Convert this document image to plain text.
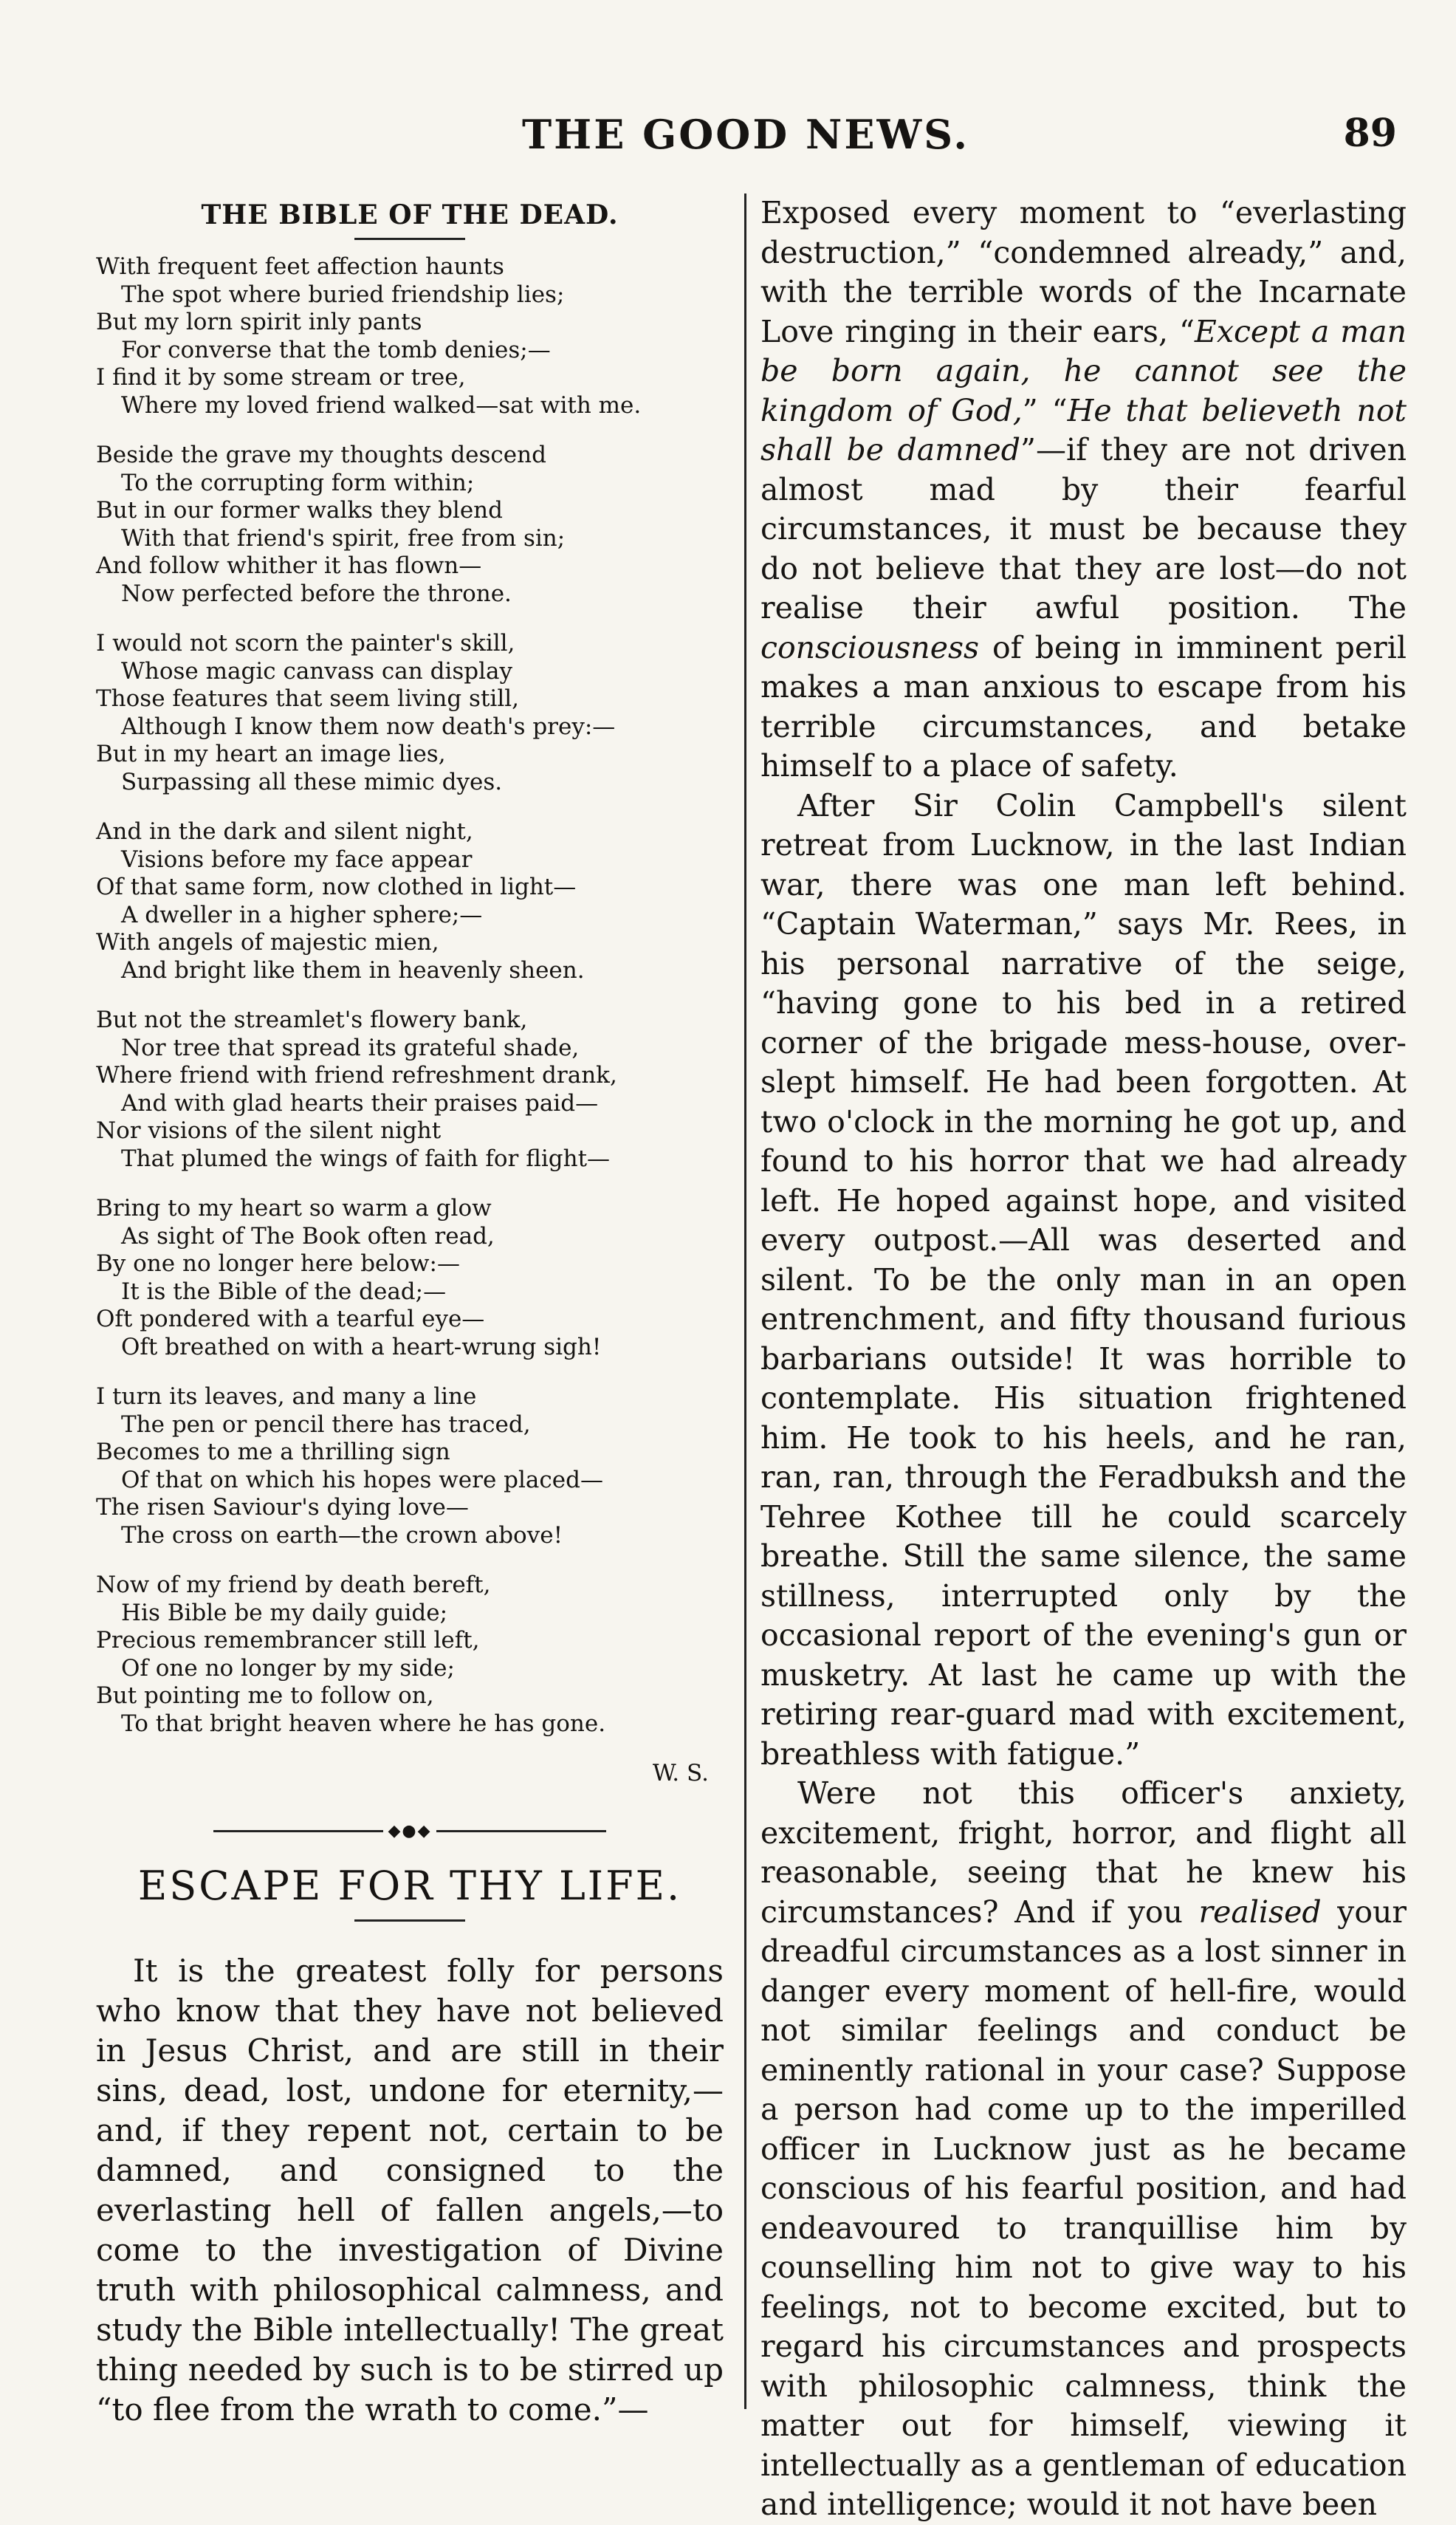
THE GOOD NEWS.	89
THE BIBLE OF THE DEAD.
With frequent feet affection haunts
The spot where buried friendship lies;
But my lorn spirit inly pants
For converse that the tomb denies;—
I find it by some stream or tree,
Where my loved friend walked—sat with me.
Beside the grave my thoughts descend
To the corrupting form within;
But in our former walks they blend
With that friend's spirit, free from sin;
And follow whither it has flown—
Now perfected before the throne.
I would not scorn the painter's skill,
Whose magic canvass can display
Those features that seem living still,
Although I know them now death's prey:—
But in my heart an image lies,
Surpassing all these mimic dyes.
And in the dark and silent night,
Visions before my face appear
Of that same form, now clothed in light—
A dweller in a higher sphere;—
With angels of majestic mien,
And bright like them in heavenly sheen.
But not the streamlet's flowery bank,
Nor tree that spread its grateful shade,
Where friend with friend refreshment drank,
And with glad hearts their praises paid—
Nor visions of the silent night
That plumed the wings of faith for flight—
Bring to my heart so warm a glow
As sight of The Book often read,
By one no longer here below:—
It is the Bible of the dead;—
Oft pondered with a tearful eye—
Oft breathed on with a heart-wrung sigh!
I turn its leaves, and many a line
The pen or pencil there has traced,
Becomes to me a thrilling sign
Of that on which his hopes were placed—
The risen Saviour's dying love—
The cross on earth—the crown above!
Now of my friend by death bereft,
His Bible be my daily guide;
Precious remembrancer still left,
Of one no longer by my side;
But pointing me to follow on,
To that bright heaven where he has gone.
W. S.
◆●◆
ESCAPE FOR THY LIFE.

It is the greatest folly for persons who know that they have not believed in Jesus Christ, and are still in their sins, dead, lost, undone for eternity,—and, if they repent not, certain to be damned, and consigned to the everlasting hell of fallen angels,—to come to the investigation of Divine truth with philosophical calmness, and study the Bible intellectually! The great thing needed by such is to be stirred up “to flee from the wrath to come.”—

Exposed every moment to “everlasting destruction,” “condemned already,” and, with the terrible words of the Incarnate Love ringing in their ears, “Except a man be born again, he cannot see the kingdom of God,” “He that believeth not shall be damned”—if they are not driven almost mad by their fearful circumstances, it must be because they do not believe that they are lost—do not realise their awful position. The consciousness of being in imminent peril makes a man anxious to escape from his terrible circumstances, and betake himself to a place of safety.

After Sir Colin Campbell's silent retreat from Lucknow, in the last Indian war, there was one man left behind. “Captain Waterman,” says Mr. Rees, in his personal narrative of the seige, “having gone to his bed in a retired corner of the brigade mess-house, over-slept himself. He had been forgotten. At two o'clock in the morning he got up, and found to his horror that we had already left. He hoped against hope, and visited every outpost.—All was deserted and silent. To be the only man in an open entrenchment, and fifty thousand furious barbarians outside! It was horrible to contemplate. His situation frightened him. He took to his heels, and he ran, ran, ran, through the Feradbuksh and the Tehree Kothee till he could scarcely breathe. Still the same silence, the same stillness, interrupted only by the occasional report of the evening's gun or musketry. At last he came up with the retiring rear-guard mad with excitement, breathless with fatigue.”

Were not this officer's anxiety, excitement, fright, horror, and flight all reasonable, seeing that he knew his circumstances? And if you realised your dreadful circumstances as a lost sinner in danger every moment of hell-fire, would not similar feelings and conduct be eminently rational in your case? Suppose a person had come up to the imperilled officer in Lucknow just as he became conscious of his fearful position, and had endeavoured to tranquillise him by counselling him not to give way to his feelings, not to become excited, but to regard his circumstances and prospects with philosophic calmness, think the matter out for himself, viewing it intellectually as a gentleman of education and intelligence; would it not have been
